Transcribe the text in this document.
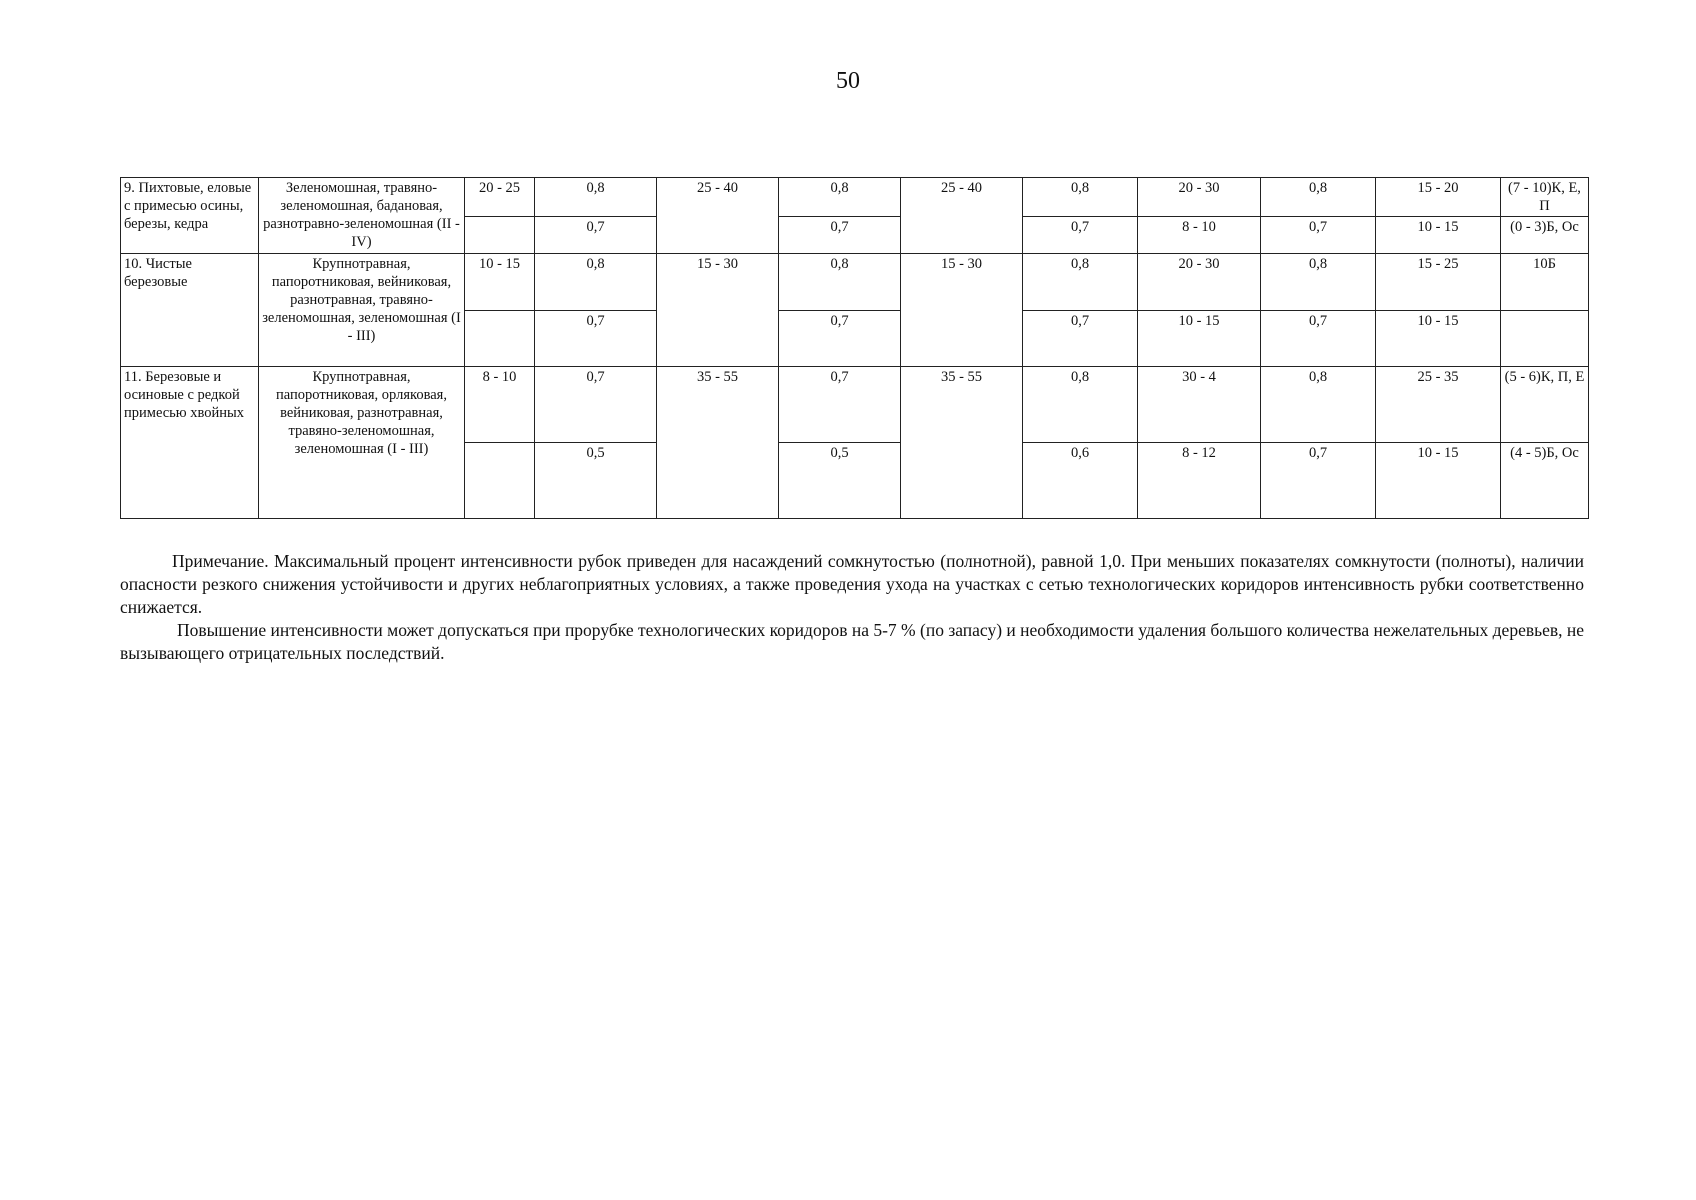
50
9. Пихтовые, еловые с примесью осины, березы, кедра	Зеленомошная, травяно-зеленомошная, бадановая, разнотравно-зеленомошная (II - IV)	20 - 25	0,8	25 - 40	0,8	25 - 40	0,8	20 - 30	0,8	15 - 20	(7 - 10)К, Е, П
			0,7		0,7		0,7	8 - 10	0,7	10 - 15	(0 - 3)Б, Ос
10. Чистые березовые	Крупнотравная, папоротниковая, вейниковая, разнотравная, травяно-зеленомошная, зеленомошная (I - III)	10 - 15	0,8	15 - 30	0,8	15 - 30	0,8	20 - 30	0,8	15 - 25	10Б
			0,7		0,7		0,7	10 - 15	0,7	10 - 15	
11. Березовые и осиновые с редкой примесью хвойных	Крупнотравная, папоротниковая, орляковая, вейниковая, разнотравная, травяно-зеленомошная, зеленомошная (I - III)	8 - 10	0,7	35 - 55	0,7	35 - 55	0,8	30 - 4	0,8	25 - 35	(5 - 6)К, П, Е
			0,5		0,5		0,6	8 - 12	0,7	10 - 15	(4 - 5)Б, Ос

Примечание. Максимальный процент интенсивности рубок приведен для насаждений сомкнутостью (полнотной), равной 1,0. При меньших показателях сомкнутости (полноты), наличии опасности резкого снижения устойчивости и других неблагоприятных условиях, а также проведения ухода на участках с сетью технологических коридоров интенсивность рубки соответственно снижается.

Повышение интенсивности может допускаться при прорубке технологических коридоров на 5-7 % (по запасу) и необходимости удаления большого количества нежелательных деревьев, не вызывающего отрицательных последствий.
